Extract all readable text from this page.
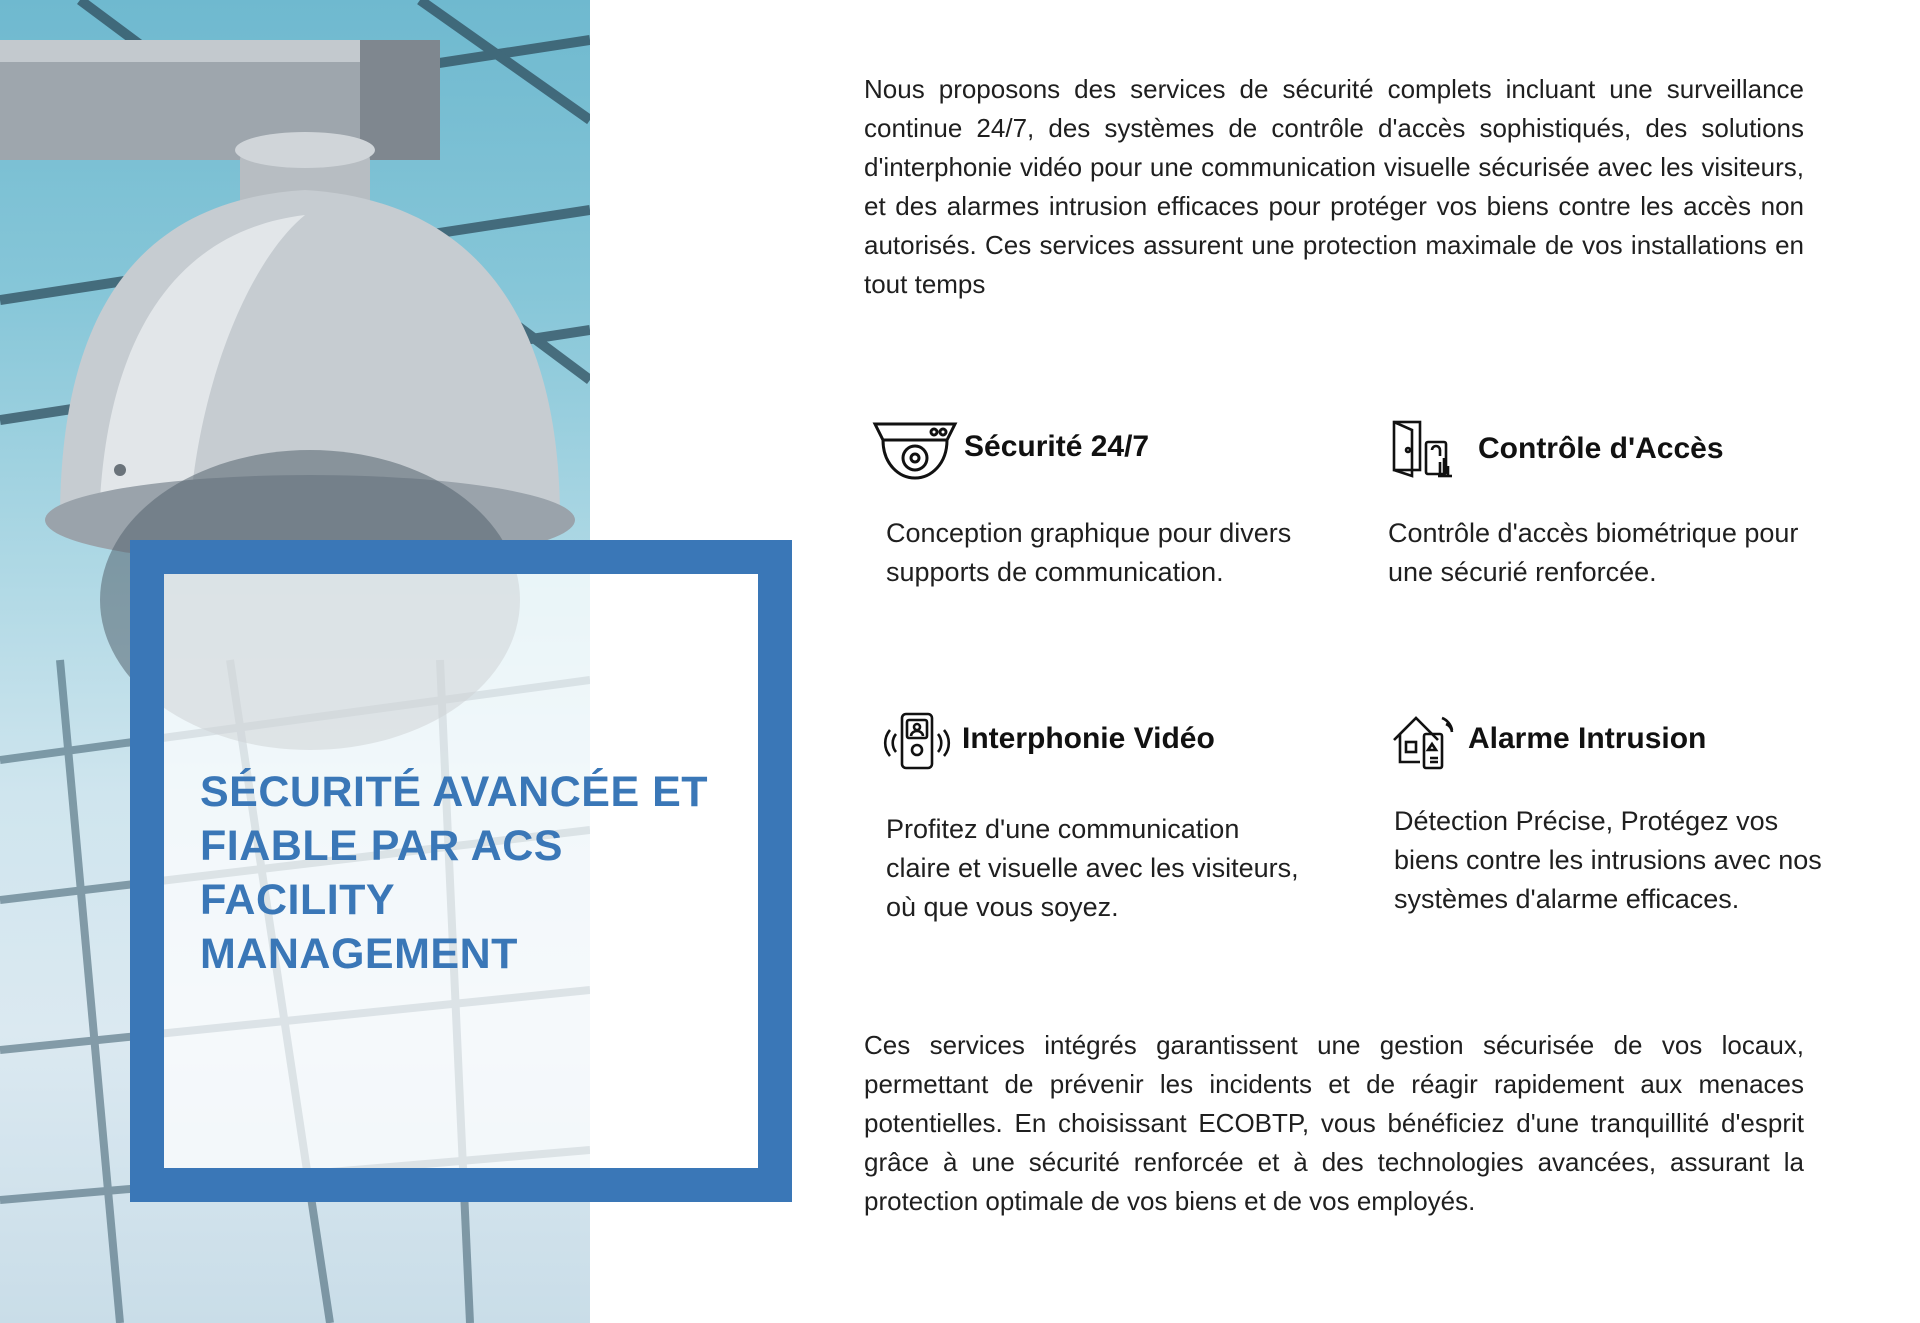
SÉCURITÉ AVANCÉE ET FIABLE PAR ACS FACILITY MANAGEMENT

Nous proposons des services de sécurité complets incluant une surveillance continue 24/7, des systèmes de contrôle d'accès sophistiqués, des solutions d'interphonie vidéo pour une communication visuelle sécurisée avec les visiteurs, et des alarmes intrusion efficaces pour protéger vos biens contre les accès non autorisés. Ces services assurent une protection maximale de vos installations en tout temps

Sécurité 24/7

Conception graphique pour divers supports de communication.

Contrôle d'Accès

Contrôle d'accès biométrique pour une sécurié renforcée.

Interphonie Vidéo

Profitez d'une communication claire et visuelle avec les visiteurs, où que vous soyez.

Alarme Intrusion

Détection Précise, Protégez vos biens contre les intrusions avec nos systèmes d'alarme efficaces.

Ces services intégrés garantissent une gestion sécurisée de vos locaux, permettant de prévenir les incidents et de réagir rapidement aux menaces potentielles. En choisissant ECOBTP, vous bénéficiez d'une tranquillité d'esprit grâce à une sécurité renforcée et à des technologies avancées, assurant la protection optimale de vos biens et de vos employés.
